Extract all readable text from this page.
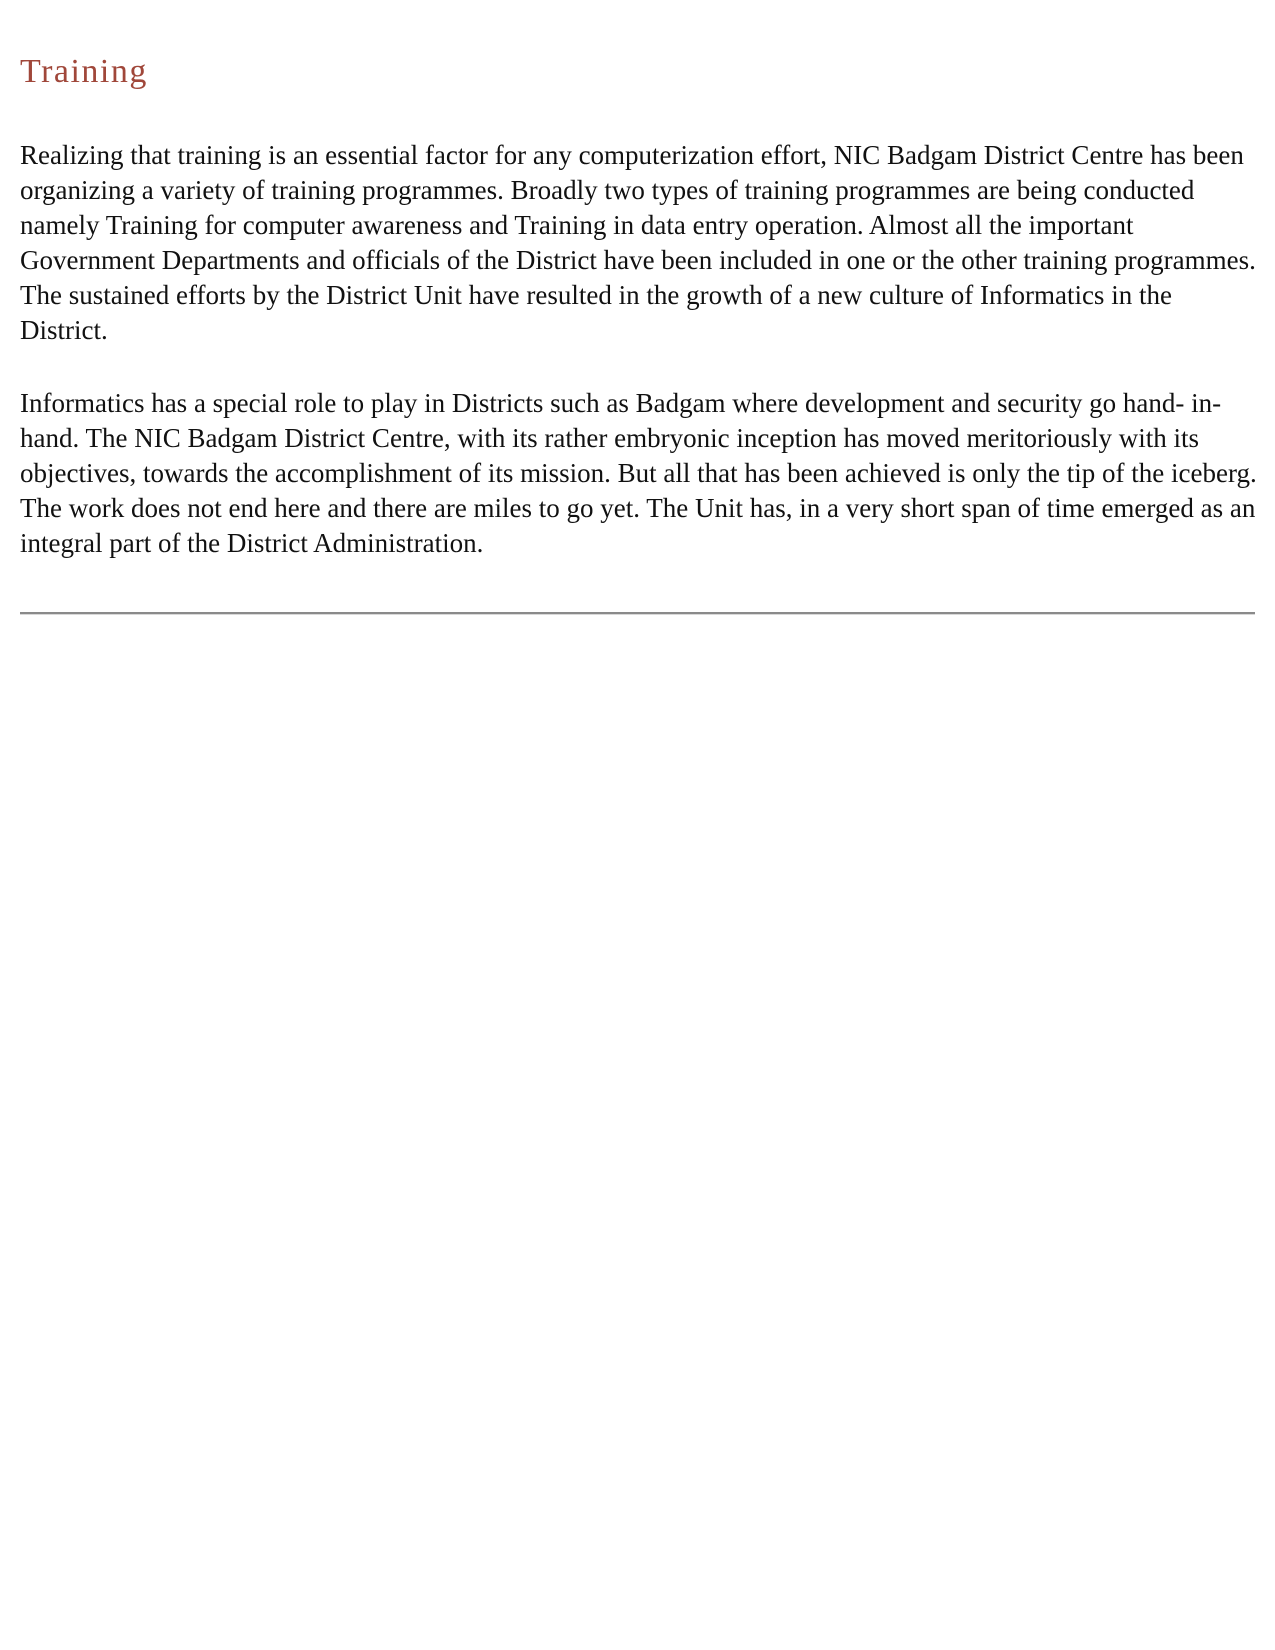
Training

Realizing that training is an essential factor for any computerization effort, NIC Badgam District Centre has been organizing a variety of training programmes. Broadly two types of training programmes are being conducted namely Training for computer awareness and Training in data entry operation. Almost all the important Government Departments and officials of the District have been included in one or the other training programmes. The sustained efforts by the District Unit have resulted in the growth of a new culture of Informatics in the District.

Informatics has a special role to play in Districts such as Badgam where development and security go hand- in- hand. The NIC Badgam District Centre, with its rather embryonic inception has moved meritoriously with its objectives, towards the accomplishment of its mission. But all that has been achieved is only the tip of the iceberg. The work does not end here and there are miles to go yet. The Unit has, in a very short span of time emerged as an integral part of the District Administration.
